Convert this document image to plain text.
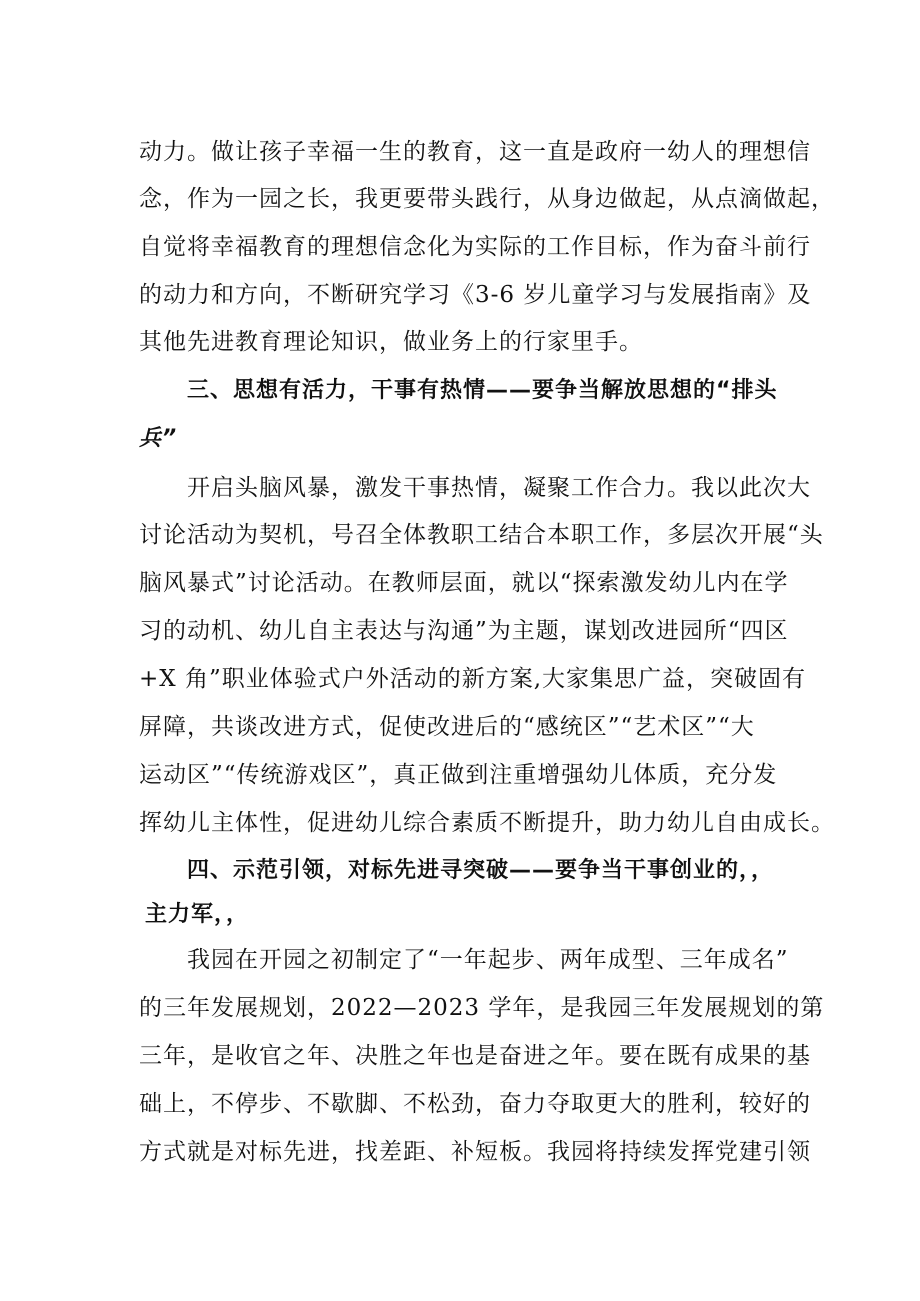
动力。做让孩子幸福一生的教育，这一直是政府一幼人的理想信
念，作为一园之长，我更要带头践行，从身边做起，从点滴做起，
自觉将幸福教育的理想信念化为实际的工作目标，作为奋斗前行
的动力和方向，不断研究学习《3-6 岁儿童学习与发展指南》及
其他先进教育理论知识，做业务上的行家里手。
三、思想有活力，干事有热情——要争当解放思想的“排头
兵”
开启头脑风暴，激发干事热情，凝聚工作合力。我以此次大
讨论活动为契机，号召全体教职工结合本职工作，多层次开展“头
脑风暴式”讨论活动。在教师层面，就以“探索激发幼儿内在学
习的动机、幼儿自主表达与沟通”为主题，谋划改进园所“四区
+X 角”职业体验式户外活动的新方案,大家集思广益，突破固有
屏障，共谈改进方式，促使改进后的“感统区”“艺术区”“大
运动区”“传统游戏区”，真正做到注重增强幼儿体质，充分发
挥幼儿主体性，促进幼儿综合素质不断提升，助力幼儿自由成长。
四、示范引领，对标先进寻突破——要争当干事创业的，，
主力军，，
我园在开园之初制定了“一年起步、两年成型、三年成名”
的三年发展规划，2022—2023 学年，是我园三年发展规划的第
三年，是收官之年、决胜之年也是奋进之年。要在既有成果的基
础上，不停步、不歇脚、不松劲，奋力夺取更大的胜利，较好的
方式就是对标先进，找差距、补短板。我园将持续发挥党建引领
